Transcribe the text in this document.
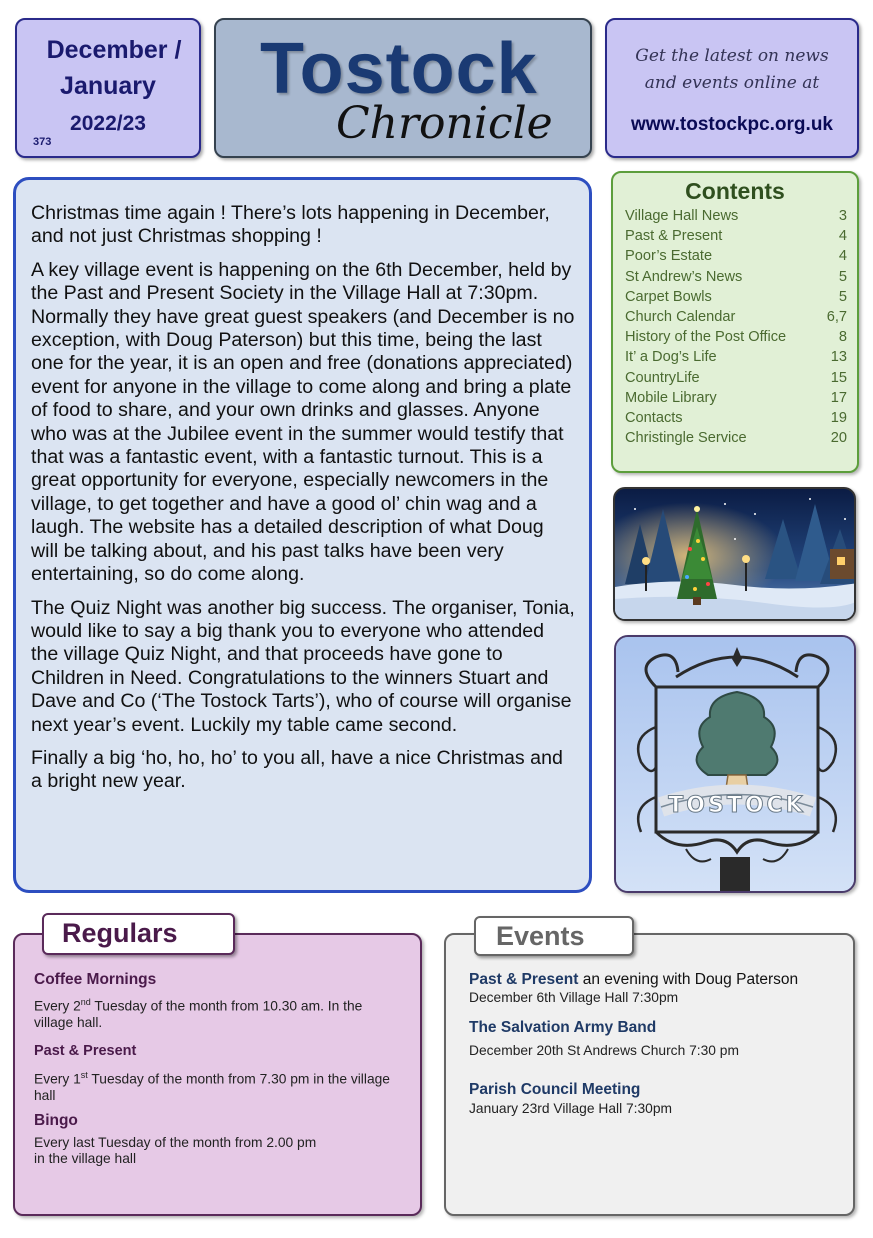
December /
January
2022/23
373
Tostock
Chronicle
Get the latest on news
and events online at
www.tostockpc.org.uk

Christmas time again ! There’s lots happening in December, and not just Christmas shopping !

A key village event is happening on the 6th December, held by the Past and Present Society in the Village Hall at 7:30pm. Normally they have great guest speakers (and December is no exception, with Doug Paterson) but this time, being the last one for the year, it is an open and free (donations appreciated) event for anyone in the village to come along and bring a plate of food to share, and your own drinks and glasses. Anyone who was at the Jubilee event in the summer would testify that that was a fantastic event, with a fantastic turnout. This is a great opportunity for everyone, especially newcomers in the village, to get together and have a good ol’ chin wag and a laugh. The website has a detailed description of what Doug will be talking about, and his past talks have been very entertaining, so do come along.

The Quiz Night was another big success. The organiser, Tonia, would like to say a big thank you to everyone who attended the village Quiz Night, and that proceeds have gone to Children in Need. Congratulations to the winners Stuart and Dave and Co (‘The Tostock Tarts’), who of course will organise next year’s event. Luckily my table came second.

Finally a big ‘ho, ho, ho’ to you all, have a nice Christmas and a bright new year.

Contents
Village Hall News	3
Past & Present	4
Poor’s Estate	4
St Andrew’s News	5
Carpet Bowls	5
Church Calendar	6,7
History of the Post Office	8
It’ a Dog’s Life	13
CountryLife	15
Mobile Library	17
Contacts	19
Christingle Service	20
TOSTOCK
Coffee Mornings
Every 2nd Tuesday of the month from 10.30 am. In the village hall.
Past & Present
Every 1st Tuesday of the month from 7.30 pm in the village hall
Bingo
Every last Tuesday of the month from 2.00 pm
in the village hall
Regulars
Past & Present an evening with Doug Paterson
December 6th Village Hall 7:30pm
The Salvation Army Band
December 20th St Andrews Church 7:30 pm
Parish Council Meeting
January 23rd Village Hall 7:30pm
Events
